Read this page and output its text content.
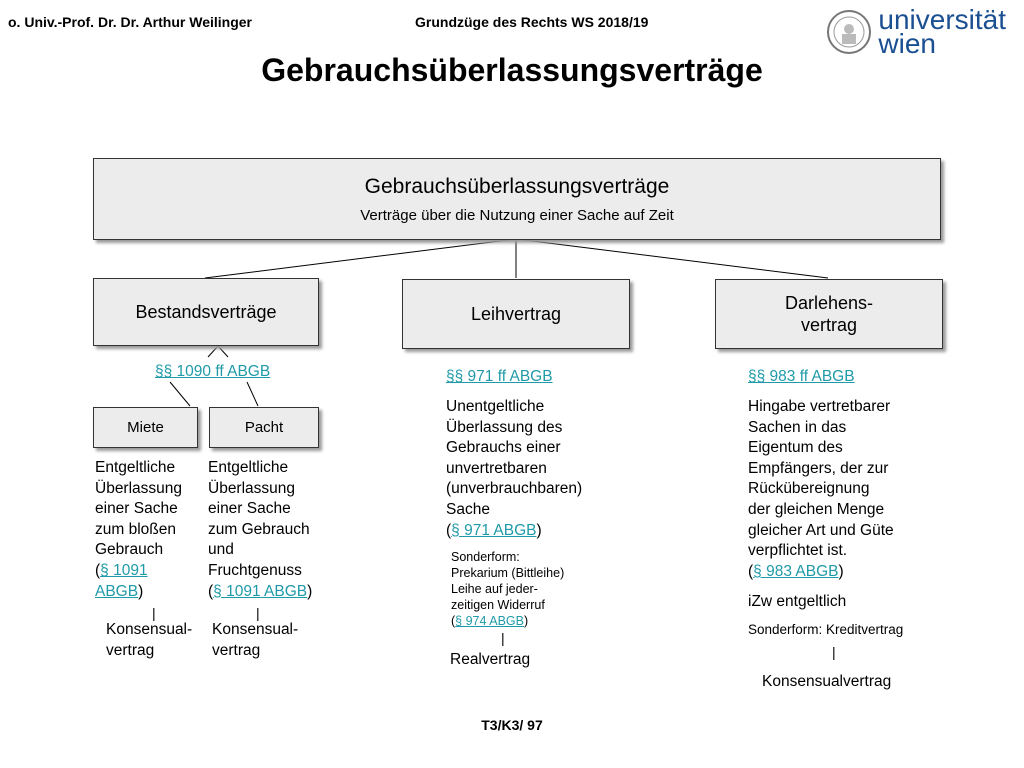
o. Univ.-Prof. Dr. Dr. Arthur Weilinger	Grundzüge des Rechts WS 2018/19	universität
wien
Gebrauchsüberlassungsverträge
Gebrauchsüberlassungsverträge
Verträge über die Nutzung einer Sache auf Zeit
Bestandsverträge	Leihvertrag
Darlehens-
vertrag
§§ 1090 ff ABGB
Miete	Pacht
Entgeltliche
Überlassung
einer Sache
zum bloßen
Gebrauch
(§ 1091
ABGB)
|
Konsensual-
vertrag
Entgeltliche
Überlassung
einer Sache
zum Gebrauch
und
Fruchtgenuss
(§ 1091 ABGB)
|
Konsensual-
vertrag
§§ 971 ff ABGB
Unentgeltliche
Überlassung des
Gebrauchs einer
unvertretbaren
(unverbrauchbaren)
Sache
(§ 971 ABGB)
Sonderform:
Prekarium (Bittleihe)
Leihe auf jeder-
zeitigen Widerruf
(§ 974 ABGB)
|
Realvertrag
§§ 983 ff ABGB
Hingabe vertretbarer
Sachen in das
Eigentum des
Empfängers, der zur
Rückübereignung
der gleichen Menge
gleicher Art und Güte
verpflichtet ist.
(§ 983 ABGB)
iZw entgeltlich
Sonderform: Kreditvertrag
|
Konsensualvertrag
T3/K3/ 97
